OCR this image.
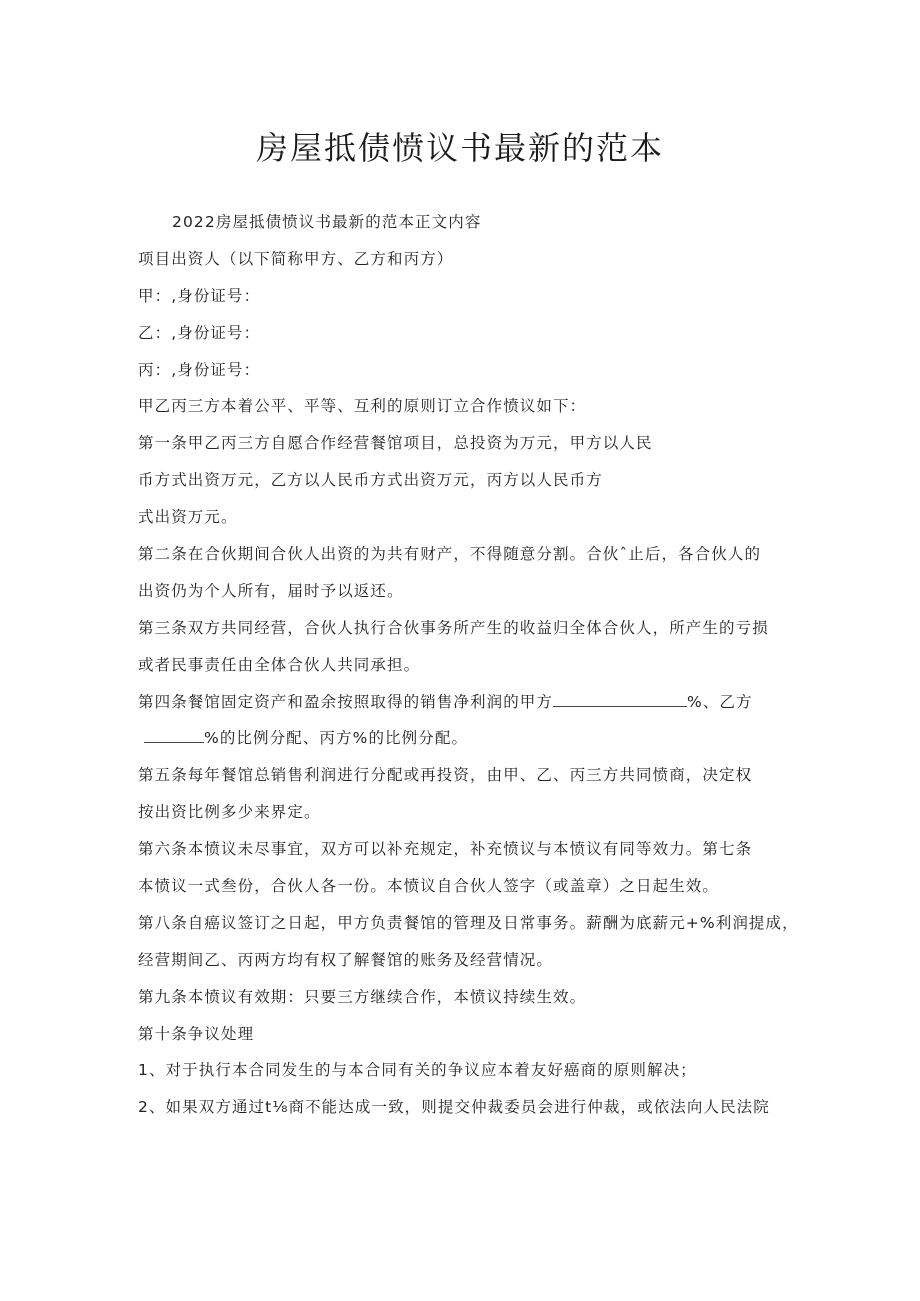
房屋抵债愤议书最新的范本
2022房屋抵债愤议书最新的范本正文内容
项目出资人（以下简称甲方、乙方和丙方）
甲：,身份证号：
乙：,身份证号：
丙：,身份证号：
甲乙丙三方本着公平、平等、互利的原则订立合作愤议如下：
第一条甲乙丙三方自愿合作经营餐馆项目，总投资为万元，甲方以人民
币方式出资万元，乙方以人民币方式出资万元，丙方以人民币方
式出资万元。
第二条在合伙期间合伙人出资的为共有财产，不得随意分割。合伙ˆ止后，各合伙人的
出资仍为个人所有，届时予以返还。
第三条双方共同经营，合伙人执行合伙事务所产生的收益归全体合伙人，所产生的亏损
或者民事责任由全体合伙人共同承担。
第四条餐馆固定资产和盈余按照取得的销售净利润的甲方	%、乙方
%的比例分配、丙方%的比例分配。
第五条每年餐馆总销售利润进行分配或再投资，由甲、乙、丙三方共同愤商，决定权
按出资比例多少来界定。
第六条本愤议未尽事宜，双方可以补充规定，补充愤议与本愤议有同等效力。第七条
本愤议一式叁份，合伙人各一份。本愤议自合伙人签字（或盖章）之日起生效。
第八条自癌议签订之日起，甲方负责餐馆的管理及日常事务。薪酬为底薪元+%利润提成，
经营期间乙、丙两方均有权了解餐馆的账务及经营情况。
第九条本愤议有效期：只要三方继续合作，本愤议持续生效。
第十条争议处理
1、对于执行本合同发生的与本合同有关的争议应本着友好癌商的原则解决；
2、如果双方通过t⅛商不能达成一致，则提交仲裁委员会进行仲裁，或依法向人民法院
